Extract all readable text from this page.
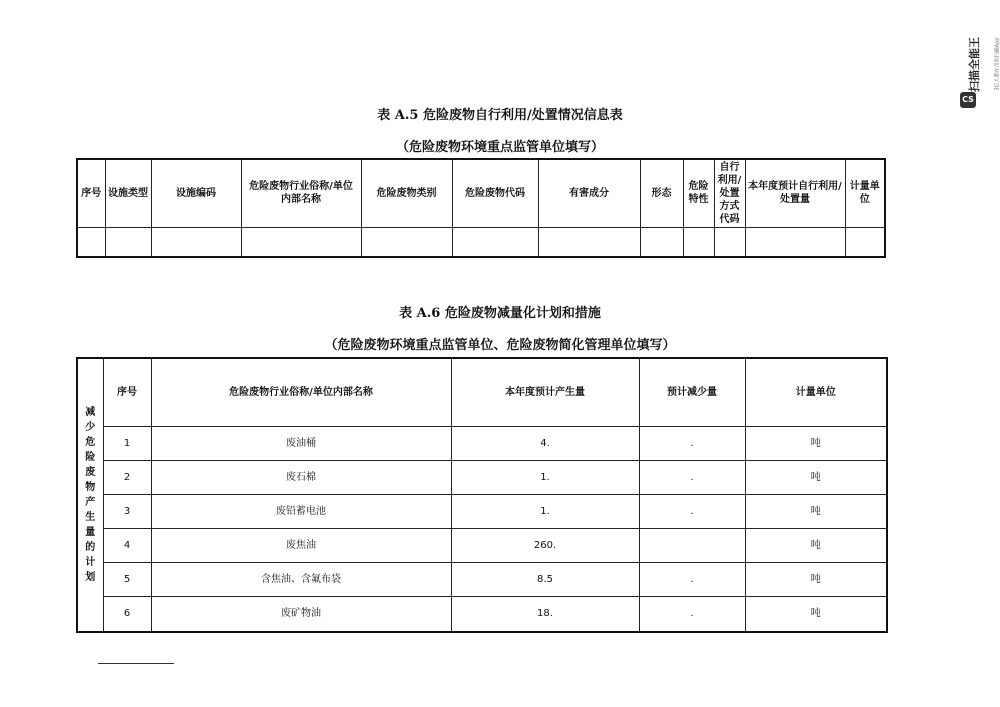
扫描全能王	3亿人都在用的扫描App
CS
表 A.5 危险废物自行利用/处置情况信息表
（危险废物环境重点监管单位填写）
序号	设施类型	设施编码	危险废物行业俗称/单位内部名称	危险废物类别	危险废物代码	有害成分	形态	危险特性	自行利用/处置方式代码	本年度预计自行利用/处置量	计量单位

表 A.6 危险废物减量化计划和措施
（危险废物环境重点监管单位、危险废物简化管理单位填写）
减少危险废物产生量的计划	序号	危险废物行业俗称/单位内部名称	本年度预计产生量	预计减少量	计量单位
	1	废油桶	4.	.	吨
	2	废石棉	1.	.	吨
	3	废铅蓄电池	1.	.	吨
	4	废焦油	260.		吨
	5	含焦油、含氟布袋	8.5	.	吨
	6	废矿物油	18.	.	吨
